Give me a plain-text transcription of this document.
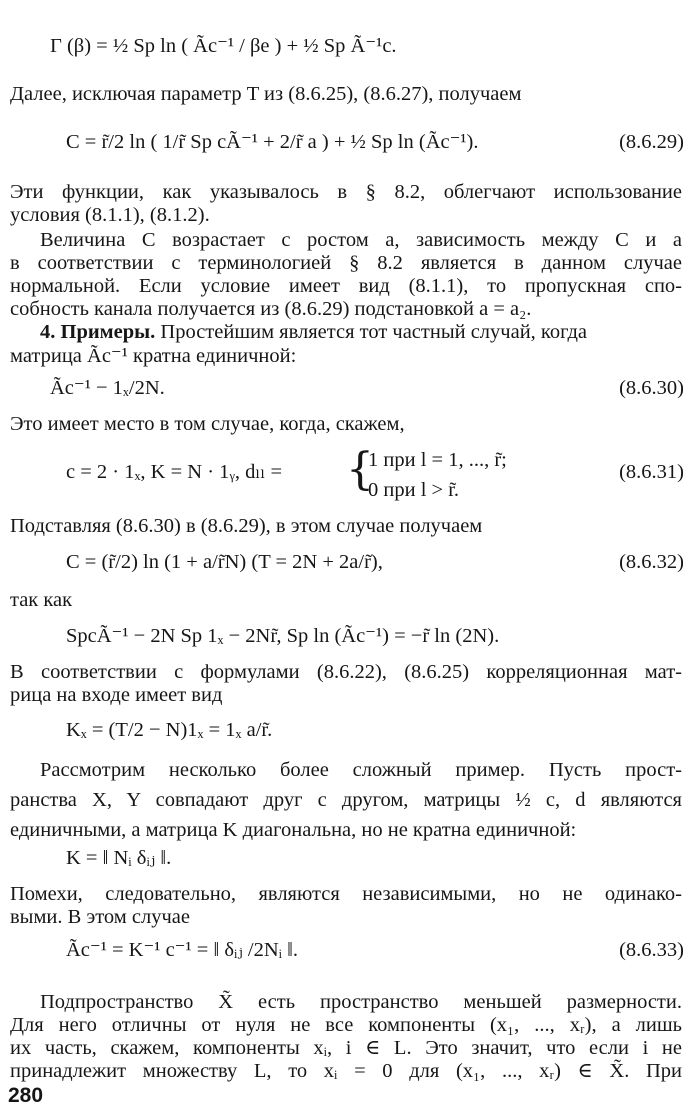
Γ (β) = ½ Sp ln ( Ãc⁻¹ / βe ) + ½ Sp Ã⁻¹c.
Далее, исключая параметр T из (8.6.25), (8.6.27), получаем
C = r̃/2 ln ( 1/r̃ Sp cÃ⁻¹ + 2/r̃ a ) + ½ Sp ln (Ãc⁻¹).	(8.6.29)
Эти функции, как указывалось в § 8.2, облегчают использование
условия (8.1.1), (8.1.2).
Величина C возрастает с ростом a, зависимость между C и a
в соответствии с терминологией § 8.2 является в данном случае
нормальной. Если условие имеет вид (8.1.1), то пропускная спо-
собность канала получается из (8.6.29) подстановкой a = a₂.
4. Примеры. Простейшим является тот частный случай, когда
матрица Ãc⁻¹ кратна единичной:
Ãc⁻¹ − 1ₓ/2N.	(8.6.30)
Это имеет место в том случае, когда, скажем,
c = 2 · 1ₓ, K = N · 1ᵧ, dₗₗ = {
1 при l = 1, ..., r̃;
0 при l > r̃.
(8.6.31)
Подставляя (8.6.30) в (8.6.29), в этом случае получаем
C = (r̃/2) ln (1 + a/r̃N) (T = 2N + 2a/r̃),	(8.6.32)
так как
SpcÃ⁻¹ − 2N Sp 1ₓ − 2Nr̃, Sp ln (Ãc⁻¹) = −r̃ ln (2N).
В соответствии с формулами (8.6.22), (8.6.25) корреляционная мат-
рица на входе имеет вид
Kₓ = (T/2 − N)1ₓ = 1ₓ a/r̃.
Рассмотрим несколько более сложный пример. Пусть прост-
ранства X, Y совпадают друг с другом, матрицы ½ c, d являются
единичными, а матрица K диагональна, но не кратна единичной:
K = ‖ Nᵢ δᵢⱼ ‖.
Помехи, следовательно, являются независимыми, но не одинако-
выми. В этом случае
Ãc⁻¹ = K⁻¹ c⁻¹ = ‖ δᵢⱼ /2Nᵢ ‖.	(8.6.33)
Подпространство X̃ есть пространство меньшей размерности.
Для него отличны от нуля не все компоненты (x₁, ..., xᵣ), а лишь
их часть, скажем, компоненты xᵢ, i ∈ L. Это значит, что если i не
принадлежит множеству L, то xᵢ = 0 для (x₁, ..., xᵣ) ∈ X̃. При
280
